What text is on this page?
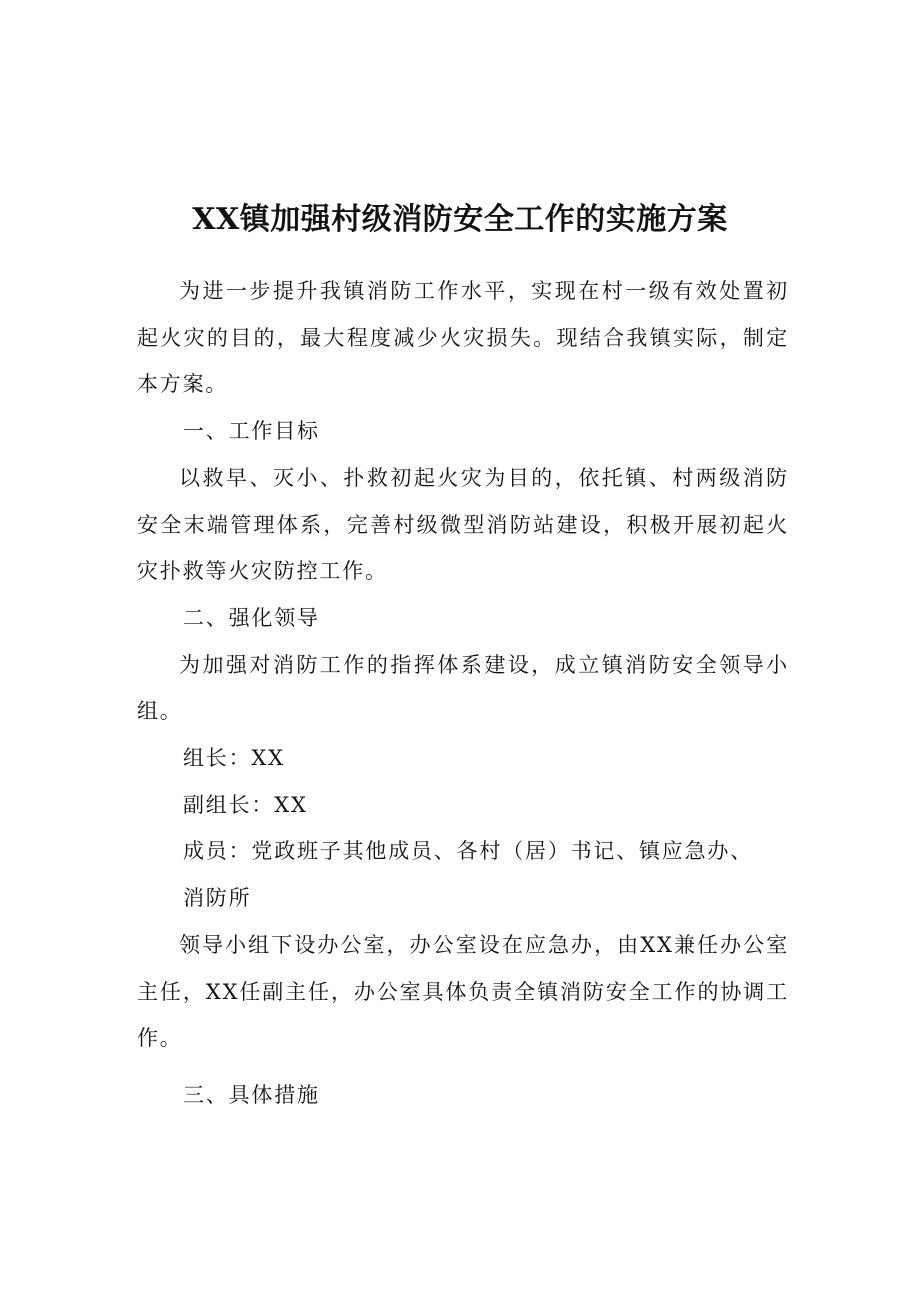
XX镇加强村级消防安全工作的实施方案

为进一步提升我镇消防工作水平，实现在村一级有效处置初起火灾的目的，最大程度减少火灾损失。现结合我镇实际，制定本方案。

一、工作目标

以救早、灭小、扑救初起火灾为目的，依托镇、村两级消防安全末端管理体系，完善村级微型消防站建设，积极开展初起火灾扑救等火灾防控工作。

二、强化领导

为加强对消防工作的指挥体系建设，成立镇消防安全领导小组。

组长：XX

副组长：XX

成员：党政班子其他成员、各村（居）书记、镇应急办、

消防所

领导小组下设办公室，办公室设在应急办，由XX兼任办公室主任，XX任副主任，办公室具体负责全镇消防安全工作的协调工作。

三、具体措施
